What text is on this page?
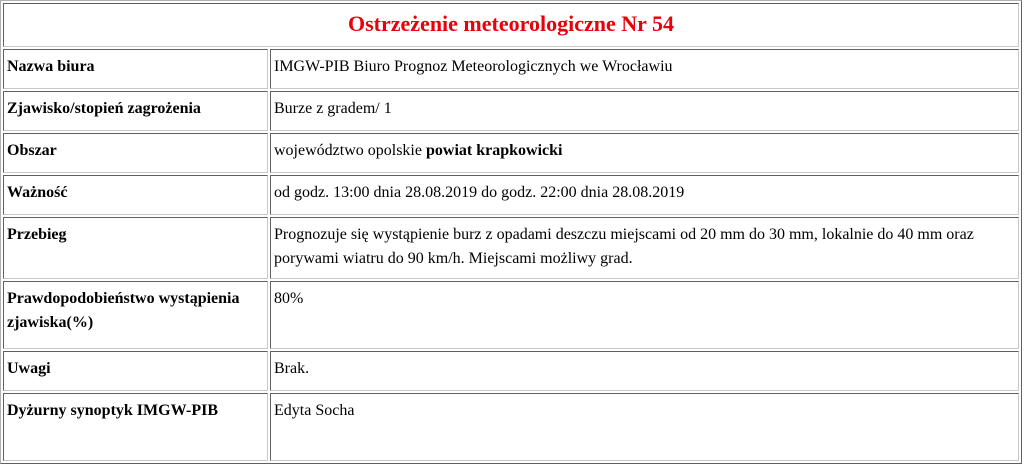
Ostrzeżenie meteorologiczne Nr 54	
Nazwa biura	IMGW-PIB Biuro Prognoz Meteorologicznych we Wrocławiu
Zjawisko/stopień zagrożenia	Burze z gradem/ 1
Obszar	województwo opolskie powiat krapkowicki
Ważność	od godz. 13:00 dnia 28.08.2019 do godz. 22:00 dnia 28.08.2019
Przebieg	Prognozuje się wystąpienie burz z opadami deszczu miejscami od 20 mm do 30 mm, lokalnie do 40 mm oraz porywami wiatru do 90 km/h. Miejscami możliwy grad.
Prawdopodobieństwo wystąpienia zjawiska(%)	80%
Uwagi	Brak.
Dyżurny synoptyk IMGW-PIB	Edyta Socha
